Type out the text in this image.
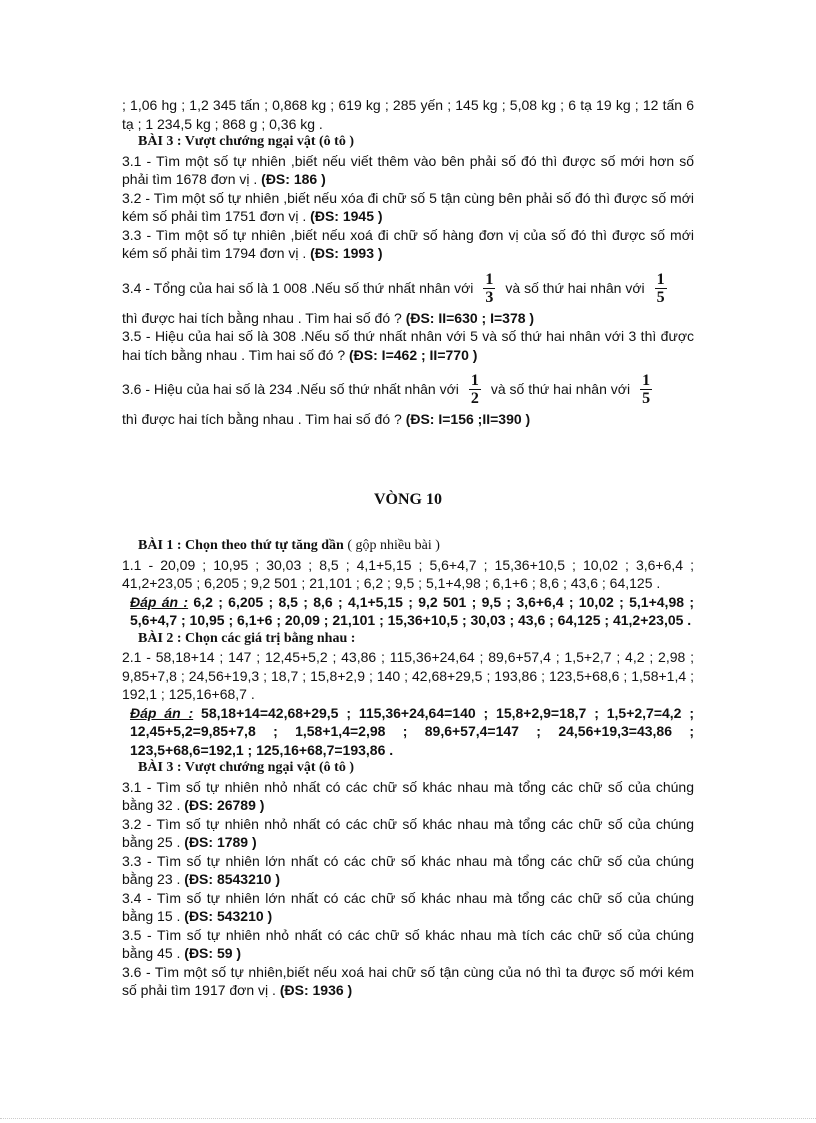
; 1,06 hg ; 1,2 345 tấn ; 0,868 kg ; 619 kg ; 285 yến ; 145 kg ; 5,08 kg ; 6 tạ 19 kg ; 12 tấn 6 tạ ; 1 234,5 kg ; 868 g ; 0,36 kg .

BÀI 3 : Vượt chướng ngại vật (ô tô )

3.1 - Tìm một số tự nhiên ,biết nếu viết thêm vào bên phải số đó thì được số mới hơn số phải tìm 1678 đơn vị . (ĐS: 186 )

3.2 - Tìm một số tự nhiên ,biết nếu xóa đi chữ số 5 tận cùng bên phải số đó thì được số mới kém số phải tìm 1751 đơn vị . (ĐS: 1945 )

3.3 - Tìm một số tự nhiên ,biết nếu xoá đi chữ số hàng đơn vị của số đó thì được số mới kém số phải tìm 1794 đơn vị . (ĐS: 1993 )

3.4 - Tổng của hai số là 1 008 .Nếu số thứ nhất nhân với $\frac{1}{3}$ và số thứ hai nhân với $\frac{1}{5}$

thì được hai tích bằng nhau . Tìm hai số đó ? (ĐS: II=630 ; I=378 )

3.5 - Hiệu của hai số là 308 .Nếu số thứ nhất nhân với 5 và số thứ hai nhân với 3 thì được hai tích bằng nhau . Tìm hai số đó ? (ĐS: I=462 ; II=770 )

3.6 - Hiệu của hai số là 234 .Nếu số thứ nhất nhân với $\frac{1}{2}$ và số thứ hai nhân với $\frac{1}{5}$

thì được hai tích bằng nhau . Tìm hai số đó ? (ĐS: I=156 ;II=390 )

VÒNG 10

BÀI 1 : Chọn theo thứ tự tăng dần ( gộp nhiều bài )

1.1 - 20,09 ; 10,95 ; 30,03 ; 8,5 ; 4,1+5,15 ; 5,6+4,7 ; 15,36+10,5 ; 10,02 ; 3,6+6,4 ; 41,2+23,05 ; 6,205 ; 9,2 501 ; 21,101 ; 6,2 ; 9,5 ; 5,1+4,98 ; 6,1+6 ; 8,6 ; 43,6 ; 64,125 .

Đáp án : 6,2 ; 6,205 ; 8,5 ; 8,6 ; 4,1+5,15 ; 9,2 501 ; 9,5 ; 3,6+6,4 ; 10,02 ; 5,1+4,98 ; 5,6+4,7 ; 10,95 ; 6,1+6 ; 20,09 ; 21,101 ; 15,36+10,5 ; 30,03 ; 43,6 ; 64,125 ; 41,2+23,05 .

BÀI 2 : Chọn các giá trị bằng nhau :

2.1 - 58,18+14 ; 147 ; 12,45+5,2 ; 43,86 ; 115,36+24,64 ; 89,6+57,4 ; 1,5+2,7 ; 4,2 ; 2,98 ; 9,85+7,8 ; 24,56+19,3 ; 18,7 ; 15,8+2,9 ; 140 ; 42,68+29,5 ; 193,86 ; 123,5+68,6 ; 1,58+1,4 ; 192,1 ; 125,16+68,7 .

Đáp án : 58,18+14=42,68+29,5 ; 115,36+24,64=140 ; 15,8+2,9=18,7 ; 1,5+2,7=4,2 ; 12,45+5,2=9,85+7,8 ; 1,58+1,4=2,98 ; 89,6+57,4=147 ; 24,56+19,3=43,86 ; 123,5+68,6=192,1 ; 125,16+68,7=193,86 .

BÀI 3 : Vượt chướng ngại vật (ô tô )

3.1 - Tìm số tự nhiên nhỏ nhất có các chữ số khác nhau mà tổng các chữ số của chúng bằng 32 . (ĐS: 26789 )

3.2 - Tìm số tự nhiên nhỏ nhất có các chữ số khác nhau mà tổng các chữ số của chúng bằng 25 . (ĐS: 1789 )

3.3 - Tìm số tự nhiên lớn nhất có các chữ số khác nhau mà tổng các chữ số của chúng bằng 23 . (ĐS: 8543210 )

3.4 - Tìm số tự nhiên lớn nhất có các chữ số khác nhau mà tổng các chữ số của chúng bằng 15 . (ĐS: 543210 )

3.5 - Tìm số tự nhiên nhỏ nhất có các chữ số khác nhau mà tích các chữ số của chúng bằng 45 . (ĐS: 59 )

3.6 - Tìm một số tự nhiên,biết nếu xoá hai chữ số tận cùng của nó thì ta được số mới kém số phải tìm 1917 đơn vị . (ĐS: 1936 )
